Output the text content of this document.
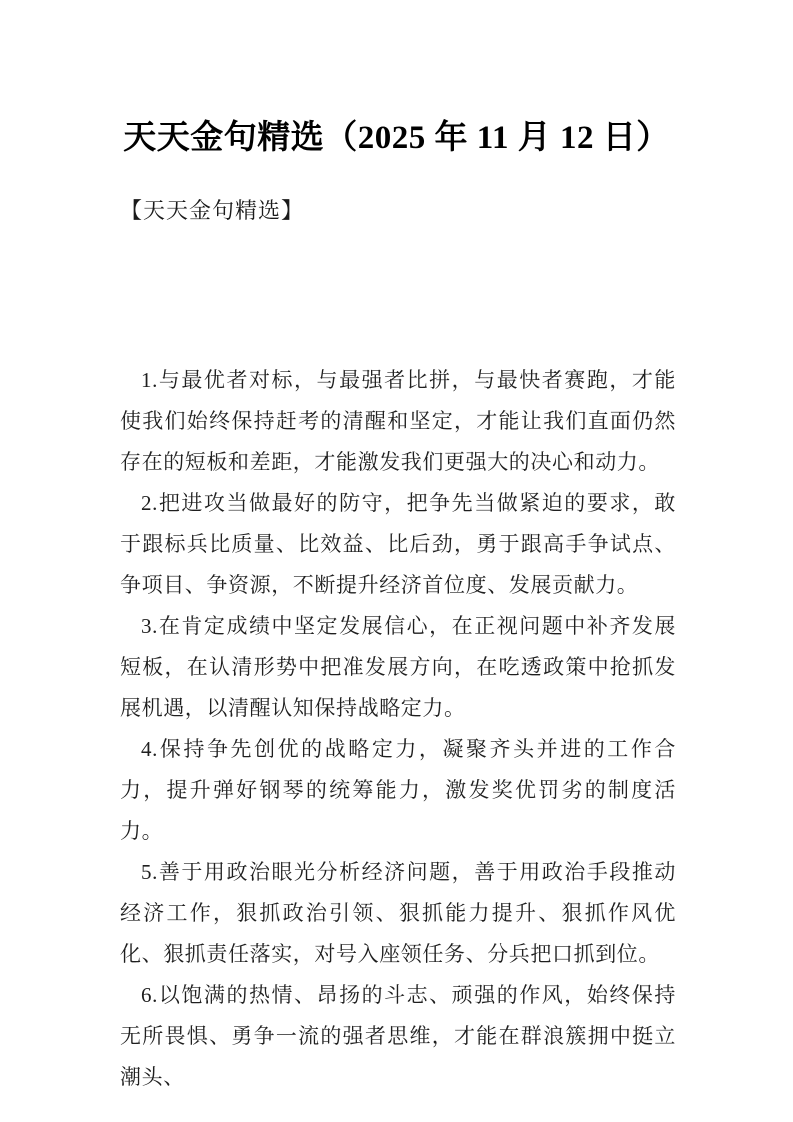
天天金句精选（2025 年 11 月 12 日）
【天天金句精选】

1.与最优者对标，与最强者比拼，与最快者赛跑，才能使我们始终保持赶考的清醒和坚定，才能让我们直面仍然存在的短板和差距，才能激发我们更强大的决心和动力。

2.把进攻当做最好的防守，把争先当做紧迫的要求，敢于跟标兵比质量、比效益、比后劲，勇于跟高手争试点、争项目、争资源，不断提升经济首位度、发展贡献力。

3.在肯定成绩中坚定发展信心，在正视问题中补齐发展短板，在认清形势中把准发展方向，在吃透政策中抢抓发展机遇，以清醒认知保持战略定力。

4.保持争先创优的战略定力，凝聚齐头并进的工作合力，提升弹好钢琴的统筹能力，激发奖优罚劣的制度活力。

5.善于用政治眼光分析经济问题，善于用政治手段推动经济工作，狠抓政治引领、狠抓能力提升、狠抓作风优化、狠抓责任落实，对号入座领任务、分兵把口抓到位。

6.以饱满的热情、昂扬的斗志、顽强的作风，始终保持无所畏惧、勇争一流的强者思维，才能在群浪簇拥中挺立潮头、
